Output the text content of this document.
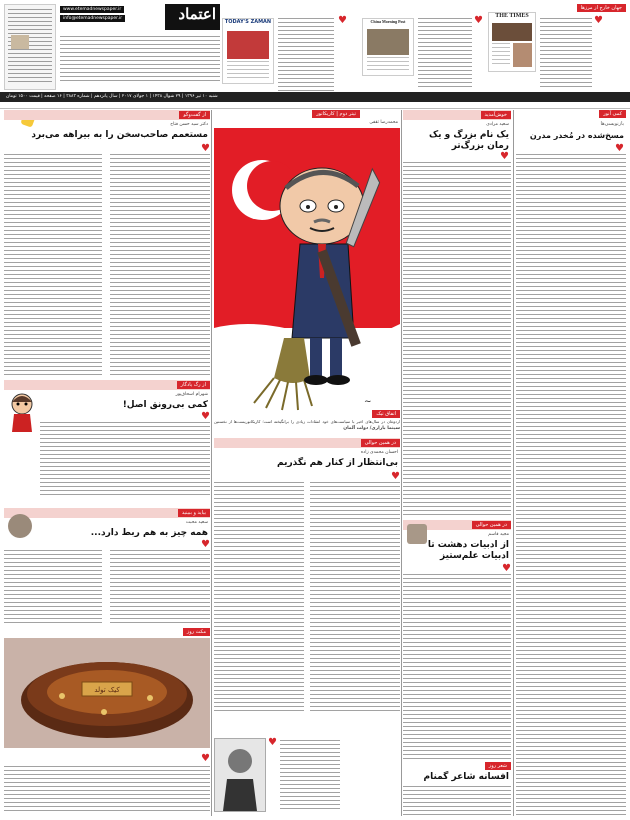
اعتماد
www.etemadnewspaper.ir
info@etemadnewspaper.ir
جهان خارج از مرزها
THE TIMES	♥
China Morning Post	♥
TODAY'S ZAMAN	♥
شنبه ۱۰ تیر ۱۳۹۶ | ۲۹ شوال ۱۴۳۸ | ۱ جولای ۲۰۱۷ | سال پانزدهم | شماره ۳۸۸۳ | ۱۶ صفحه | قیمت ۱۵۰۰ تومان
کمی آنور
بازنویسی‌ها
مسخ‌شده در مُخدر مدرن
♥
خوش‌آمدید
سعید مرادی
یک نام بزرگ و یک رمان بزرگ‌تر
♥
تیتر دوم | کاریکاتور
محمدرضا ثقفی
~
اتفاق تیک
اردوغان در سال‌های اخیر با سیاست‌های خود انتقادات زیادی را برانگیخته است؛ کاریکاتوریست‌ها از نخستین
سینما بازاری/ دولت آلمان
از گفت‌وگو
دکتر سید حسن فتاح
مستعمم صاحب‌سخن را به بیراهه می‌برد
♥
از رگ یادگار
شهرام اسحاق‌پور
کمی بی‌رونق اصل!
♥
بیاید و ببینید
سعید محبت
همه چیز به هم ربط دارد...
♥
مکث روز
کیک تولد
♥
در همین حوالی
احسان محمدی زاده
بی‌انتظار از کنار هم نگذریم
♥
♥
در همین حوالی
مجید قاسم
از ادبیات دهشت تا ادبیات علم‌ستیز
♥
شعر روز
افسانه شاعر گمنام
